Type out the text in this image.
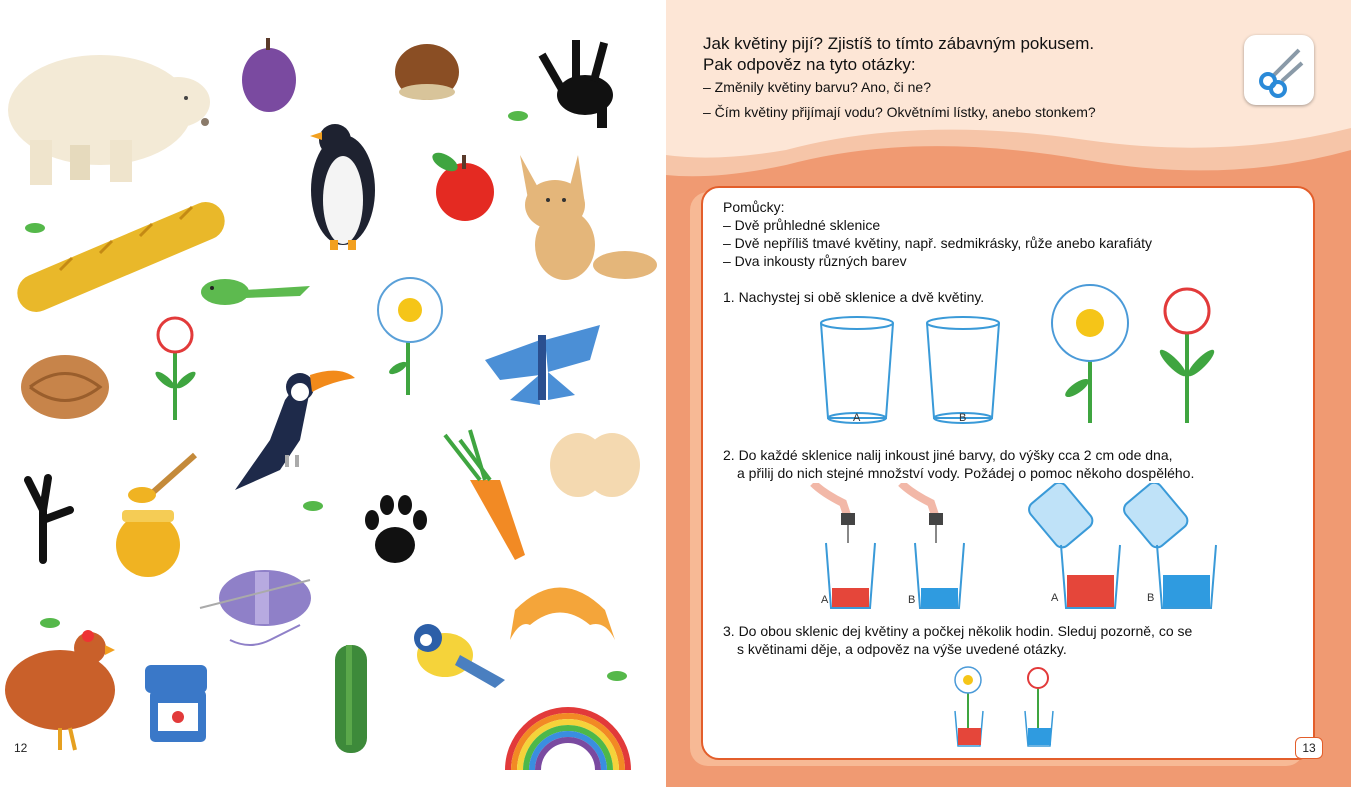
12
Jak květiny pijí? Zjistíš to tímto zábavným pokusem.
Pak odpověz na tyto otázky:
– Změnily květiny barvu? Ano, či ne?
– Čím květiny přijímají vodu? Okvětními lístky, anebo stonkem?
Pomůcky:
– Dvě průhledné sklenice
– Dvě nepříliš tmavé květiny, např. sedmikrásky, růže anebo karafiáty
– Dva inkousty různých barev
1. Nachystej si obě sklenice a dvě květiny.
A	B
2. Do každé sklenice nalij inkoust jiné barvy, do výšky cca 2 cm ode dna,
a přilij do nich stejné množství vody. Požádej o pomoc někoho dospělého.
A	B	A	B
3. Do obou sklenic dej květiny a počkej několik hodin. Sleduj pozorně, co se
s květinami děje, a odpověz na výše uvedené otázky.
13
